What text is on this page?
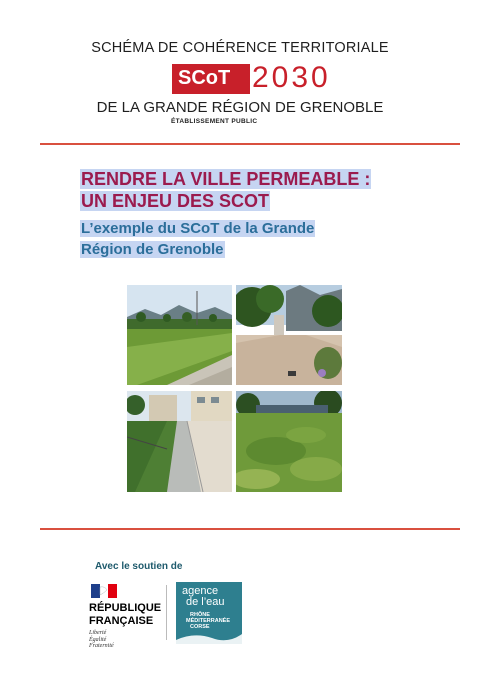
SCHÉMA DE COHÉRENCE TERRITORIALE
SCoT 2030
DE LA GRANDE RÉGION DE GRENOBLE
ÉTABLISSEMENT PUBLIC
RENDRE LA VILLE PERMEABLE :
UN ENJEU DES SCOT
L’exemple du SCoT de la Grande
Région de Grenoble
Avec le soutien de
RÉPUBLIQUE
FRANÇAISE
Liberté
Égalité
Fraternité
agence
de l’eau
RHÔNE
MÉDITERRANÉE
CORSE
